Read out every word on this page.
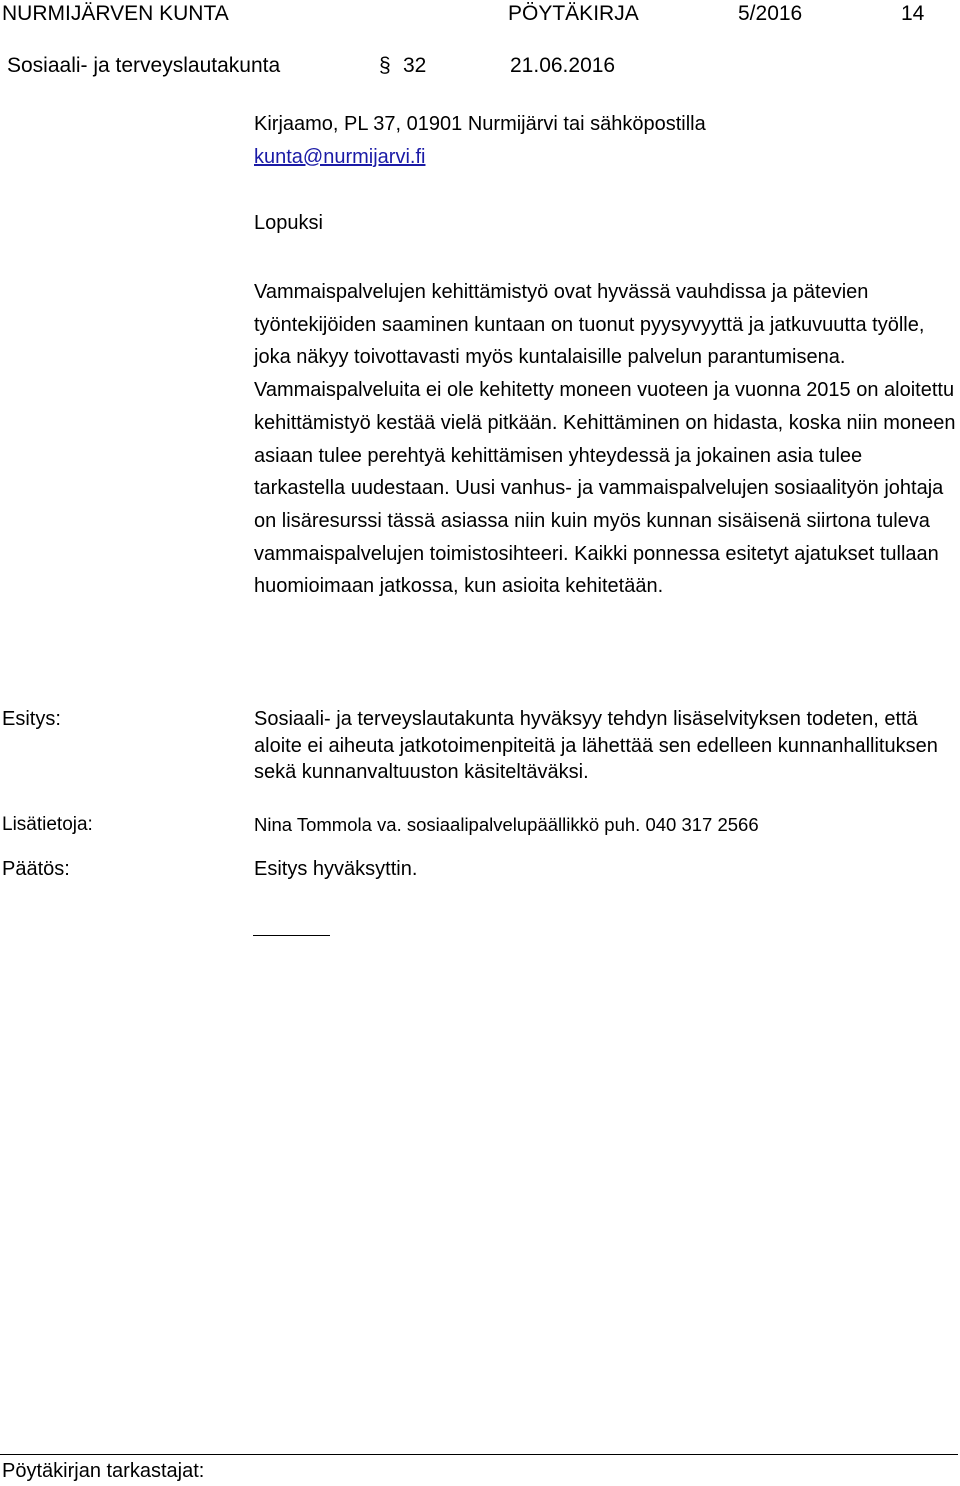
NURMIJÄRVEN KUNTA	PÖYTÄKIRJA	5/2016	14
Sosiaali- ja terveyslautakunta	§ 32	21.06.2016
Kirjaamo, PL 37, 01901 Nurmijärvi tai sähköpostilla
kunta@nurmijarvi.fi
Lopuksi
Vammaispalvelujen kehittämistyö ovat hyvässä vauhdissa ja pätevien työntekijöiden saaminen kuntaan on tuonut pyysyvyyttä ja jatkuvuutta työlle, joka näkyy toivottavasti myös kuntalaisille palvelun parantumisena. Vammaispalveluita ei ole kehitetty moneen vuoteen ja vuonna 2015 on aloitettu kehittämistyö kestää vielä pitkään. Kehittäminen on hidasta, koska niin moneen asiaan tulee perehtyä kehittämisen yhteydessä ja jokainen asia tulee tarkastella uudestaan. Uusi vanhus- ja vammaispalvelujen sosiaalityön johtaja on lisäresurssi tässä asiassa niin kuin myös kunnan sisäisenä siirtona tuleva vammaispalvelujen toimistosihteeri. Kaikki ponnessa esitetyt ajatukset tullaan huomioimaan jatkossa, kun asioita kehitetään.
Esitys:	Sosiaali- ja terveyslautakunta hyväksyy tehdyn lisäselvityksen todeten, että aloite ei aiheuta jatkotoimenpiteitä ja lähettää sen edelleen kunnanhallituksen sekä kunnanvaltuuston käsiteltäväksi.
Lisätietoja:	Nina Tommola va. sosiaalipalvelupäällikkö puh. 040 317 2566
Päätös:	Esitys hyväksyttin.
Pöytäkirjan tarkastajat:
